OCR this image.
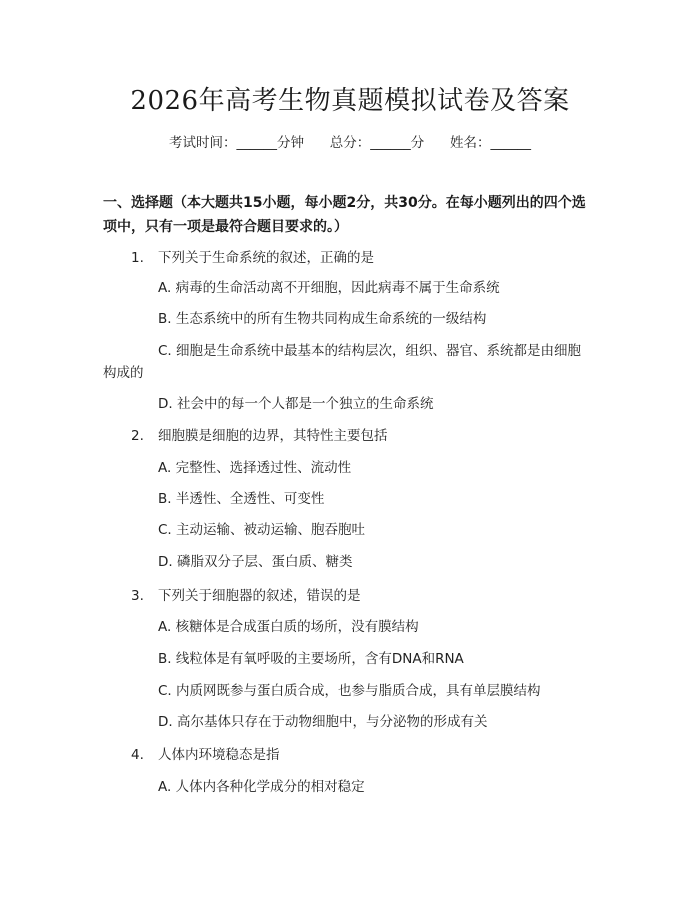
2026年高考生物真题模拟试卷及答案
考试时间：______分钟 总分：______分 姓名：______
一、选择题（本大题共15小题，每小题2分，共30分。在每小题列出的四个选项中，只有一项是最符合题目要求的。）
1. 下列关于生命系统的叙述，正确的是
A. 病毒的生命活动离不开细胞，因此病毒不属于生命系统
B. 生态系统中的所有生物共同构成生命系统的一级结构
C. 细胞是生命系统中最基本的结构层次，组织、器官、系统都是由细胞
构成的
D. 社会中的每一个人都是一个独立的生命系统
2. 细胞膜是细胞的边界，其特性主要包括
A. 完整性、选择透过性、流动性
B. 半透性、全透性、可变性
C. 主动运输、被动运输、胞吞胞吐
D. 磷脂双分子层、蛋白质、糖类
3. 下列关于细胞器的叙述，错误的是
A. 核糖体是合成蛋白质的场所，没有膜结构
B. 线粒体是有氧呼吸的主要场所，含有DNA和RNA
C. 内质网既参与蛋白质合成，也参与脂质合成，具有单层膜结构
D. 高尔基体只存在于动物细胞中，与分泌物的形成有关
4. 人体内环境稳态是指
A. 人体内各种化学成分的相对稳定
